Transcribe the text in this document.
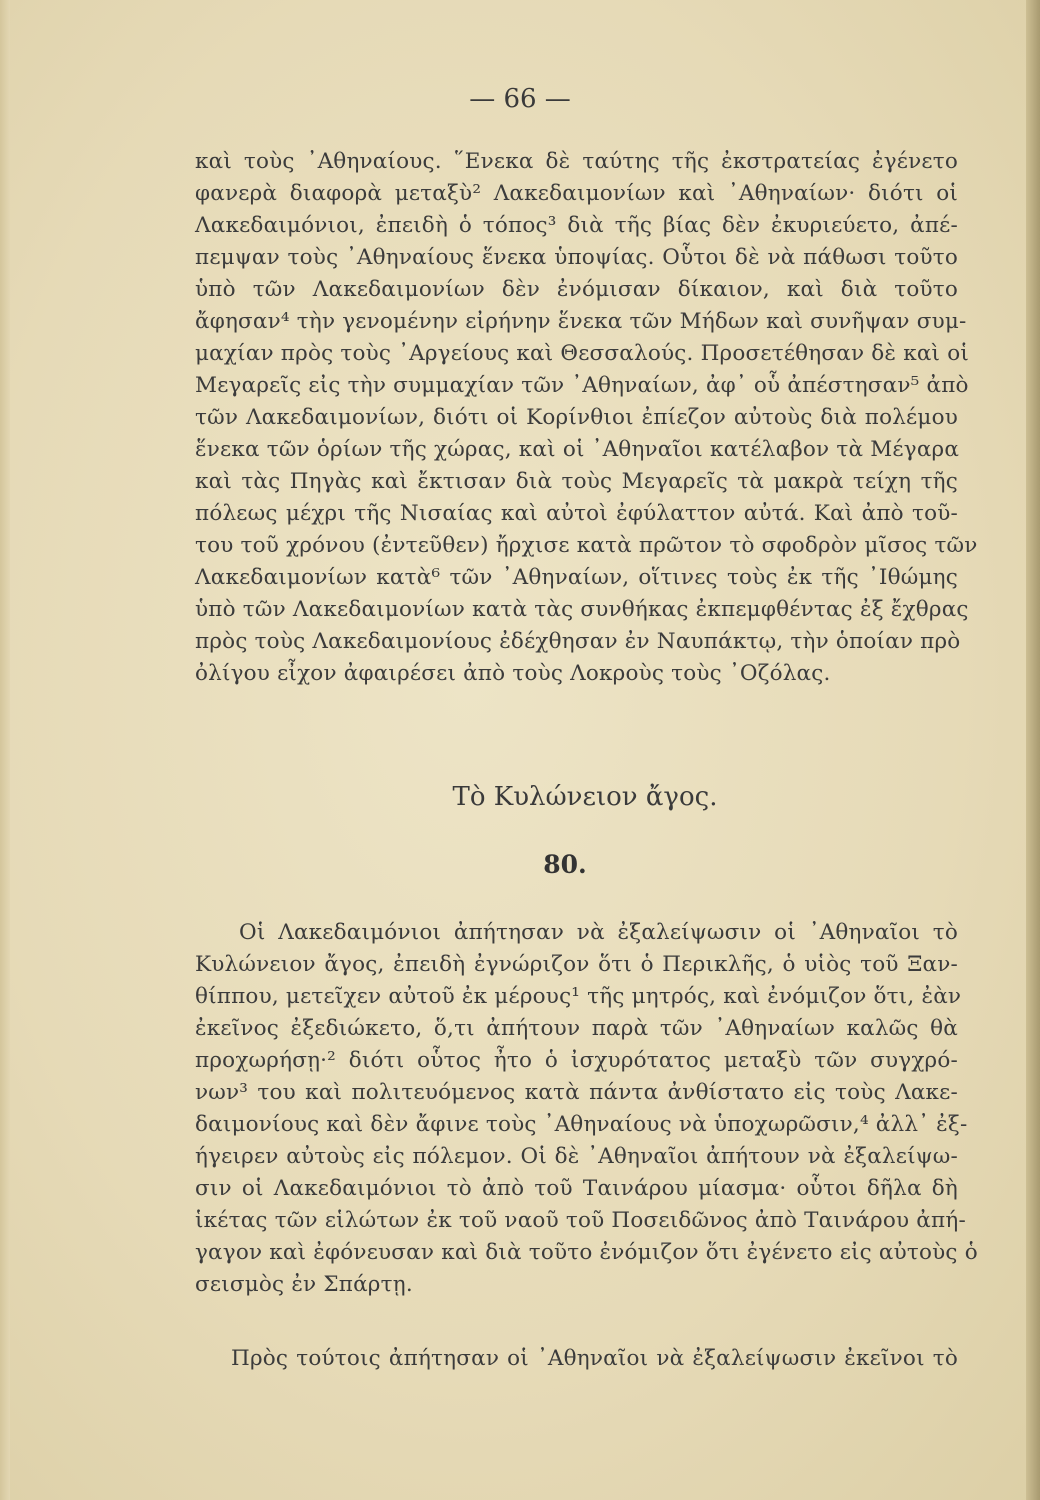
— 66 —
καὶ τοὺς ᾿Αθηναίους. ῞Ενεκα δὲ ταύτης τῆς ἐκστρατείας ἐγένετο
φανερὰ διαφορὰ μεταξὺ² Λακεδαιμονίων καὶ ᾿Αθηναίων· διότι οἱ
Λακεδαιμόνιοι, ἐπειδὴ ὁ τόπος³ διὰ τῆς βίας δὲν ἐκυριεύετο, ἀπέ-
πεμψαν τοὺς ᾿Αθηναίους ἕνεκα ὑποψίας. Οὗτοι δὲ νὰ πάθωσι τοῦτο
ὑπὸ τῶν Λακεδαιμονίων δὲν ἐνόμισαν δίκαιον, καὶ διὰ τοῦτο
ἄφησαν⁴ τὴν γενομένην εἰρήνην ἕνεκα τῶν Μήδων καὶ συνῆψαν συμ-
μαχίαν πρὸς τοὺς ᾿Αργείους καὶ Θεσσαλούς. Προσετέθησαν δὲ καὶ οἱ
Μεγαρεῖς εἰς τὴν συμμαχίαν τῶν ᾿Αθηναίων, ἀφ᾿ οὗ ἀπέστησαν⁵ ἀπὸ
τῶν Λακεδαιμονίων, διότι οἱ Κορίνθιοι ἐπίεζον αὐτοὺς διὰ πολέμου
ἕνεκα τῶν ὁρίων τῆς χώρας, καὶ οἱ ᾿Αθηναῖοι κατέλαβον τὰ Μέγαρα
καὶ τὰς Πηγὰς καὶ ἔκτισαν διὰ τοὺς Μεγαρεῖς τὰ μακρὰ τείχη τῆς
πόλεως μέχρι τῆς Νισαίας καὶ αὐτοὶ ἐφύλαττον αὐτά. Καὶ ἀπὸ τοῦ-
του τοῦ χρόνου (ἐντεῦθεν) ἤρχισε κατὰ πρῶτον τὸ σφοδρὸν μῖσος τῶν
Λακεδαιμονίων κατὰ⁶ τῶν ᾿Αθηναίων, οἵτινες τοὺς ἐκ τῆς ᾿Ιθώμης
ὑπὸ τῶν Λακεδαιμονίων κατὰ τὰς συνθήκας ἐκπεμφθέντας ἐξ ἔχθρας
πρὸς τοὺς Λακεδαιμονίους ἐδέχθησαν ἐν Ναυπάκτῳ, τὴν ὁποίαν πρὸ
ὀλίγου εἶχον ἀφαιρέσει ἀπὸ τοὺς Λοκροὺς τοὺς ᾿Οζόλας.
Τὸ Κυλώνειον ἄγος.
80.
Οἱ Λακεδαιμόνιοι ἀπήτησαν νὰ ἐξαλείψωσιν οἱ ᾿Αθηναῖοι τὸ
Κυλώνειον ἄγος, ἐπειδὴ ἐγνώριζον ὅτι ὁ Περικλῆς, ὁ υἱὸς τοῦ Ξαν-
θίππου, μετεῖχεν αὐτοῦ ἐκ μέρους¹ τῆς μητρός, καὶ ἐνόμιζον ὅτι, ἐὰν
ἐκεῖνος ἐξεδιώκετο, ὅ,τι ἀπήτουν παρὰ τῶν ᾿Αθηναίων καλῶς θὰ
προχωρήσῃ·² διότι οὗτος ἦτο ὁ ἰσχυρότατος μεταξὺ τῶν συγχρό-
νων³ του καὶ πολιτευόμενος κατὰ πάντα ἀνθίστατο εἰς τοὺς Λακε-
δαιμονίους καὶ δὲν ἄφινε τοὺς ᾿Αθηναίους νὰ ὑποχωρῶσιν,⁴ ἀλλ᾿ ἐξ-
ήγειρεν αὐτοὺς εἰς πόλεμον. Οἱ δὲ ᾿Αθηναῖοι ἀπήτουν νὰ ἐξαλείψω-
σιν οἱ Λακεδαιμόνιοι τὸ ἀπὸ τοῦ Ταινάρου μίασμα· οὗτοι δῆλα δὴ
ἱκέτας τῶν εἱλώτων ἐκ τοῦ ναοῦ τοῦ Ποσειδῶνος ἀπὸ Ταινάρου ἀπή-
γαγον καὶ ἐφόνευσαν καὶ διὰ τοῦτο ἐνόμιζον ὅτι ἐγένετο εἰς αὐτοὺς ὁ
σεισμὸς ἐν Σπάρτῃ.
Πρὸς τούτοις ἀπήτησαν οἱ ᾿Αθηναῖοι νὰ ἐξαλείψωσιν ἐκεῖνοι τὸ
